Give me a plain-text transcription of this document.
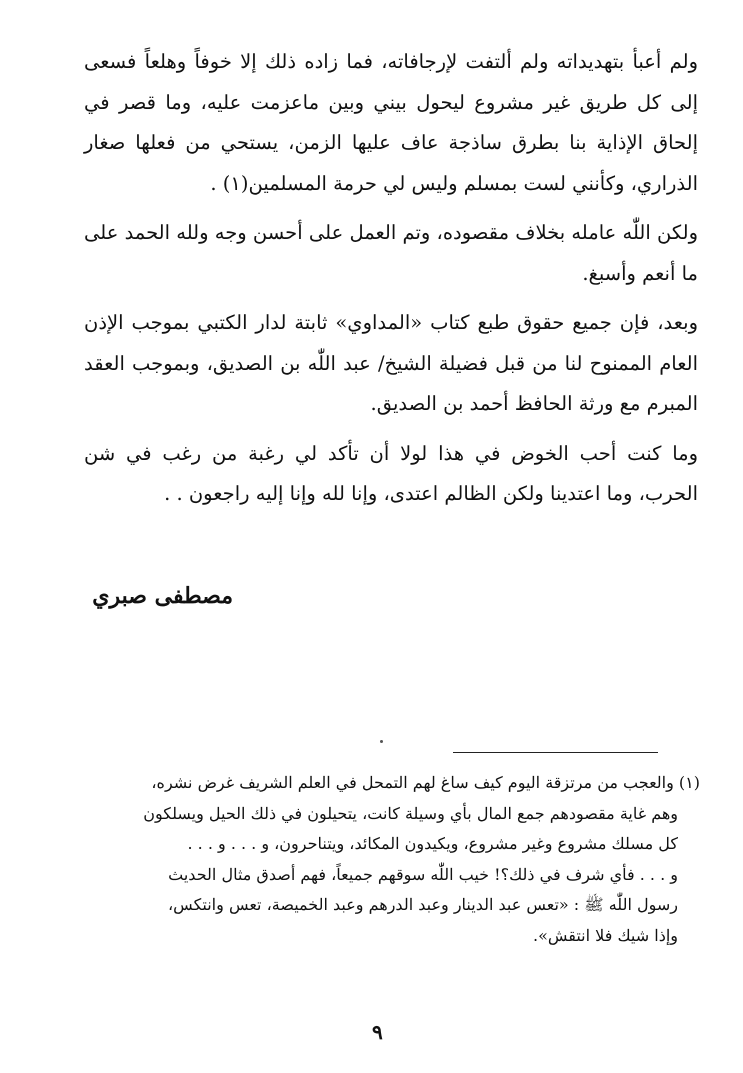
ولم أعبأ بتهديداته ولم ألتفت لإرجافاته، فما زاده ذلك إلا خوفاً وهلعاً فسعى إلى كل طريق غير مشروع ليحول بيني وبين ماعزمت عليه، وما قصر في إلحاق الإذاية بنا بطرق ساذجة عاف عليها الزمن، يستحي من فعلها صغار الذراري، وكأنني لست بمسلم وليس لي حرمة المسلمين(١) .

ولكن اللّٰه عامله بخلاف مقصوده، وتم العمل على أحسن وجه ولله الحمد على ما أنعم وأسبغ.

وبعد، فإن جميع حقوق طبع كتاب «المداوي» ثابتة لدار الكتبي بموجب الإذن العام الممنوح لنا من قبل فضيلة الشيخ/ عبد اللّٰه بن الصديق، وبموجب العقد المبرم مع ورثة الحافظ أحمد بن الصديق.

وما كنت أحب الخوض في هذا لولا أن تأكد لي رغبة من رغب في شن الحرب، وما اعتدينا ولكن الظالم اعتدى، وإنا لله وإنا إليه راجعون . .

مصطفى صبري
(١) والعجب من مرتزقة اليوم كيف ساغ لهم التمحل في العلم الشريف غرض نشره،
وهم غاية مقصودهم جمع المال بأي وسيلة كانت، يتحيلون في ذلك الحيل ويسلكون
كل مسلك مشروع وغير مشروع، ويكيدون المكائد، ويتناحرون، و . . . و . . .
و . . . فأي شرف في ذلك؟! خيب اللّٰه سوقهم جميعاً، فهم أصدق مثال الحديث
رسول اللّٰه ﷺ : «تعس عبد الدينار وعبد الدرهم وعبد الخميصة، تعس وانتكس،
وإذا شيك فلا انتقش».
٩
